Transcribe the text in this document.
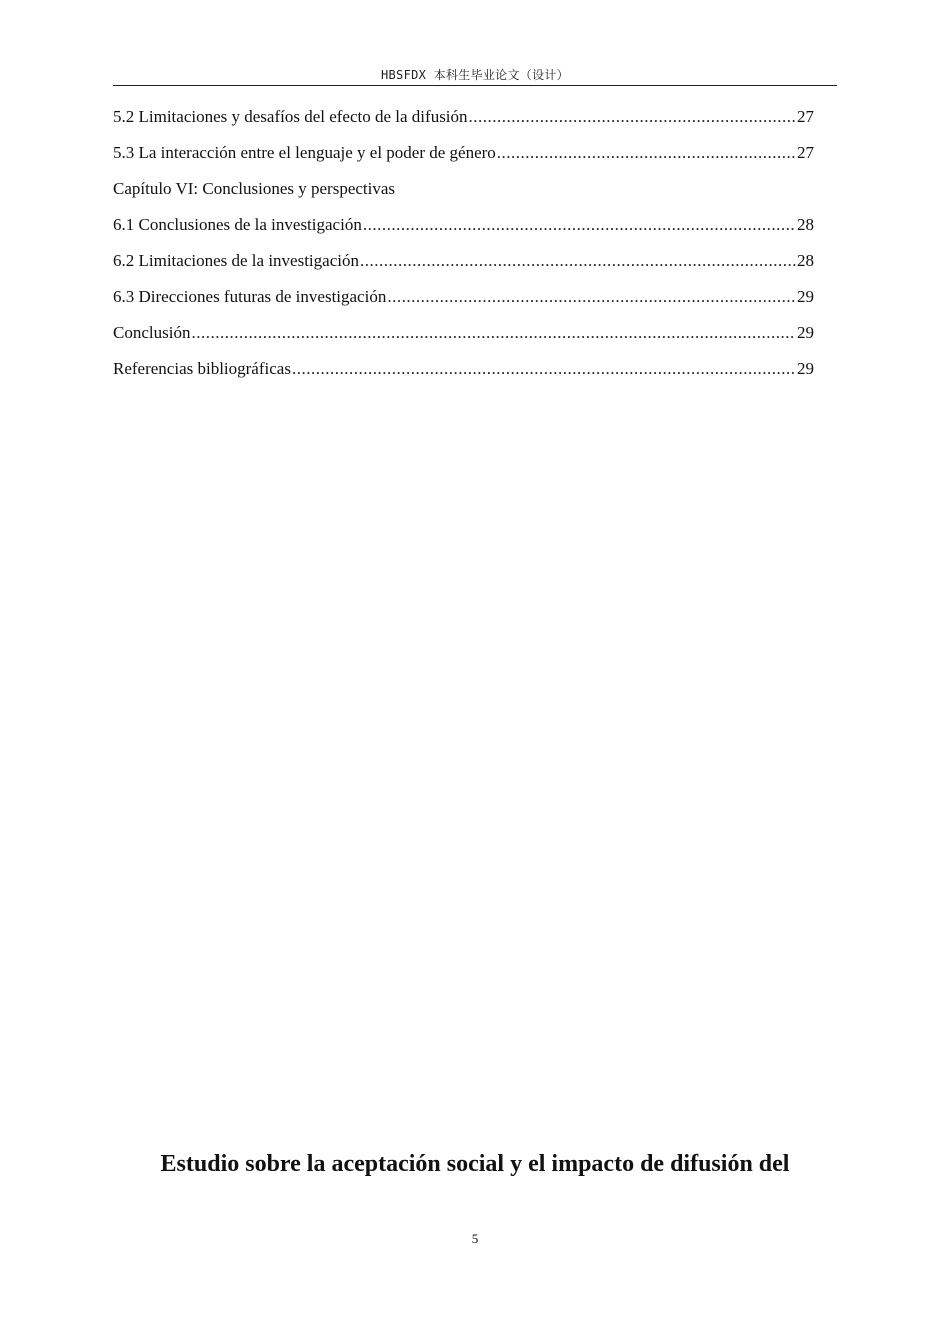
HBSFDX 本科生毕业论文（设计）
5.2 Limitaciones y desafíos del efecto de la difusión .....	27
5.3 La interacción entre el lenguaje y el poder de género .....	27
Capítulo VI: Conclusiones y perspectivas
6.1 Conclusiones de la investigación .....	28
6.2 Limitaciones de la investigación .....	28
6.3 Direcciones futuras de investigación .....	29
Conclusión .....	29
Referencias bibliográficas .....	29
Estudio sobre la aceptación social y el impacto de difusión del
5
